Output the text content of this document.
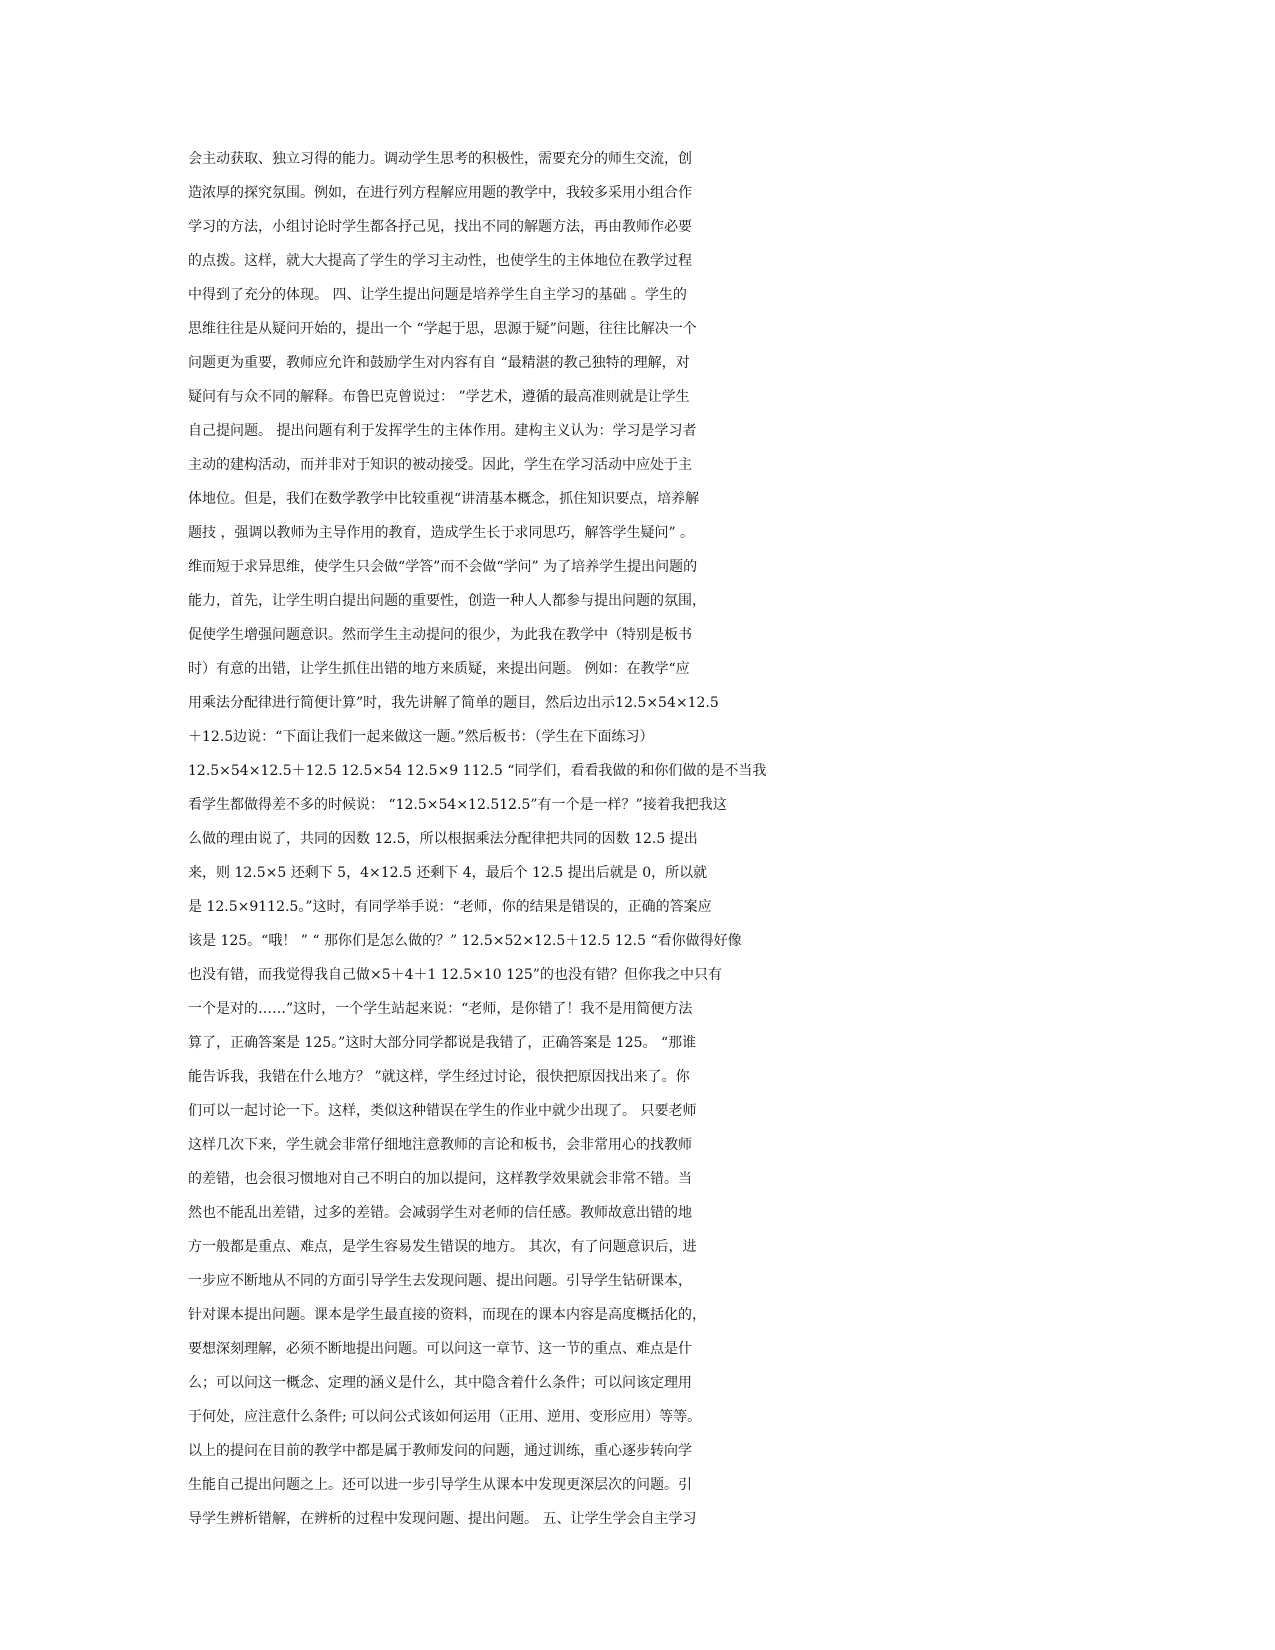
会主动获取、独立习得的能力。调动学生思考的积极性，需要充分的师生交流，创
造浓厚的探究氛围。例如，在进行列方程解应用题的教学中，我较多采用小组合作
学习的方法，小组讨论时学生都各抒己见，找出不同的解题方法，再由教师作必要
的点拨。这样，就大大提高了学生的学习主动性，也使学生的主体地位在教学过程
中得到了充分的体现。 四、让学生提出问题是培养学生自主学习的基础 。学生的
思维往往是从疑问开始的，提出一个 “学起于思，思源于疑”问题，往往比解决一个
问题更为重要，教师应允许和鼓励学生对内容有自 “最精湛的教己独特的理解，对
疑问有与众不同的解释。布鲁巴克曾说过： ”学艺术，遵循的最高准则就是让学生
自己提问题。 提出问题有利于发挥学生的主体作用。建构主义认为：学习是学习者
主动的建构活动，而并非对于知识的被动接受。因此，学生在学习活动中应处于主
体地位。但是，我们在数学教学中比较重视“讲清基本概念，抓住知识要点，培养解
题技 ，强调以教师为主导作用的教育，造成学生长于求同思巧，解答学生疑问” 。
维而短于求异思维，使学生只会做“学答”而不会做“学问” 为了培养学生提出问题的
能力，首先，让学生明白提出问题的重要性，创造一种人人都参与提出问题的氛围，
促使学生增强问题意识。然而学生主动提问的很少，为此我在教学中（特别是板书
时）有意的出错，让学生抓住出错的地方来质疑，来提出问题。 例如：在教学“应
用乘法分配律进行简便计算”时，我先讲解了简单的题目，然后边出示12.5×54×12.5
＋12.5边说：“下面让我们一起来做这一题。”然后板书：（学生在下面练习）
12.5×54×12.5＋12.5 12.5×54 12.5×9 112.5 “同学们，看看我做的和你们做的是不当我
看学生都做得差不多的时候说： “12.5×54×12.512.5”有一个是一样？”接着我把我这
么做的理由说了，共同的因数 12.5，所以根据乘法分配律把共同的因数 12.5 提出
来，则 12.5×5 还剩下 5，4×12.5 还剩下 4，最后个 12.5 提出后就是 0，所以就
是 12.5×9112.5。”这时，有同学举手说：“老师，你的结果是错误的，正确的答案应
该是 125。“哦！ ” “ 那你们是怎么做的？” 12.5×52×12.5＋12.5 12.5 “看你做得好像
也没有错，而我觉得我自己做×5＋4＋1 12.5×10 125”的也没有错？但你我之中只有
一个是对的……”这时，一个学生站起来说：“老师，是你错了！我不是用简便方法
算了，正确答案是 125。”这时大部分同学都说是我错了，正确答案是 125。 “那谁
能告诉我，我错在什么地方？ ”就这样，学生经过讨论，很快把原因找出来了。你
们可以一起讨论一下。这样，类似这种错误在学生的作业中就少出现了。 只要老师
这样几次下来，学生就会非常仔细地注意教师的言论和板书，会非常用心的找教师
的差错，也会很习惯地对自己不明白的加以提问，这样教学效果就会非常不错。当
然也不能乱出差错，过多的差错。会减弱学生对老师的信任感。教师故意出错的地
方一般都是重点、难点，是学生容易发生错误的地方。 其次，有了问题意识后，进
一步应不断地从不同的方面引导学生去发现问题、提出问题。引导学生钻研课本，
针对课本提出问题。课本是学生最直接的资料，而现在的课本内容是高度概括化的，
要想深刻理解，必须不断地提出问题。可以问这一章节、这一节的重点、难点是什
么；可以问这一概念、定理的涵义是什么，其中隐含着什么条件；可以问该定理用
于何处，应注意什么条件; 可以问公式该如何运用（正用、逆用、变形应用）等等。
以上的提问在目前的教学中都是属于教师发问的问题，通过训练，重心逐步转向学
生能自己提出问题之上。还可以进一步引导学生从课本中发现更深层次的问题。引
导学生辨析错解，在辨析的过程中发现问题、提出问题。 五、让学生学会自主学习
